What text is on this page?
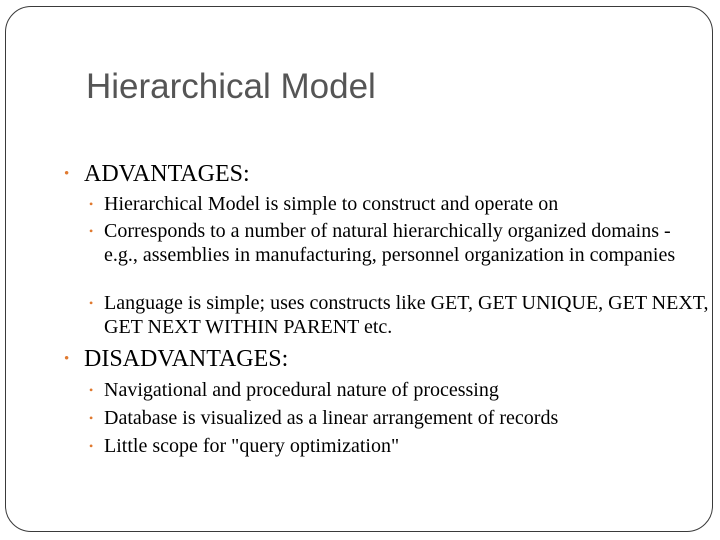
Hierarchical Model
• ADVANTAGES:
• Hierarchical Model is simple to construct and operate on
• Corresponds to a number of natural hierarchically organized domains - e.g., assemblies in manufacturing, personnel organization in companies
• Language is simple; uses constructs like GET, GET UNIQUE, GET NEXT, GET NEXT WITHIN PARENT etc.
• DISADVANTAGES:
• Navigational and procedural nature of processing
• Database is visualized as a linear arrangement of records
• Little scope for "query optimization"
